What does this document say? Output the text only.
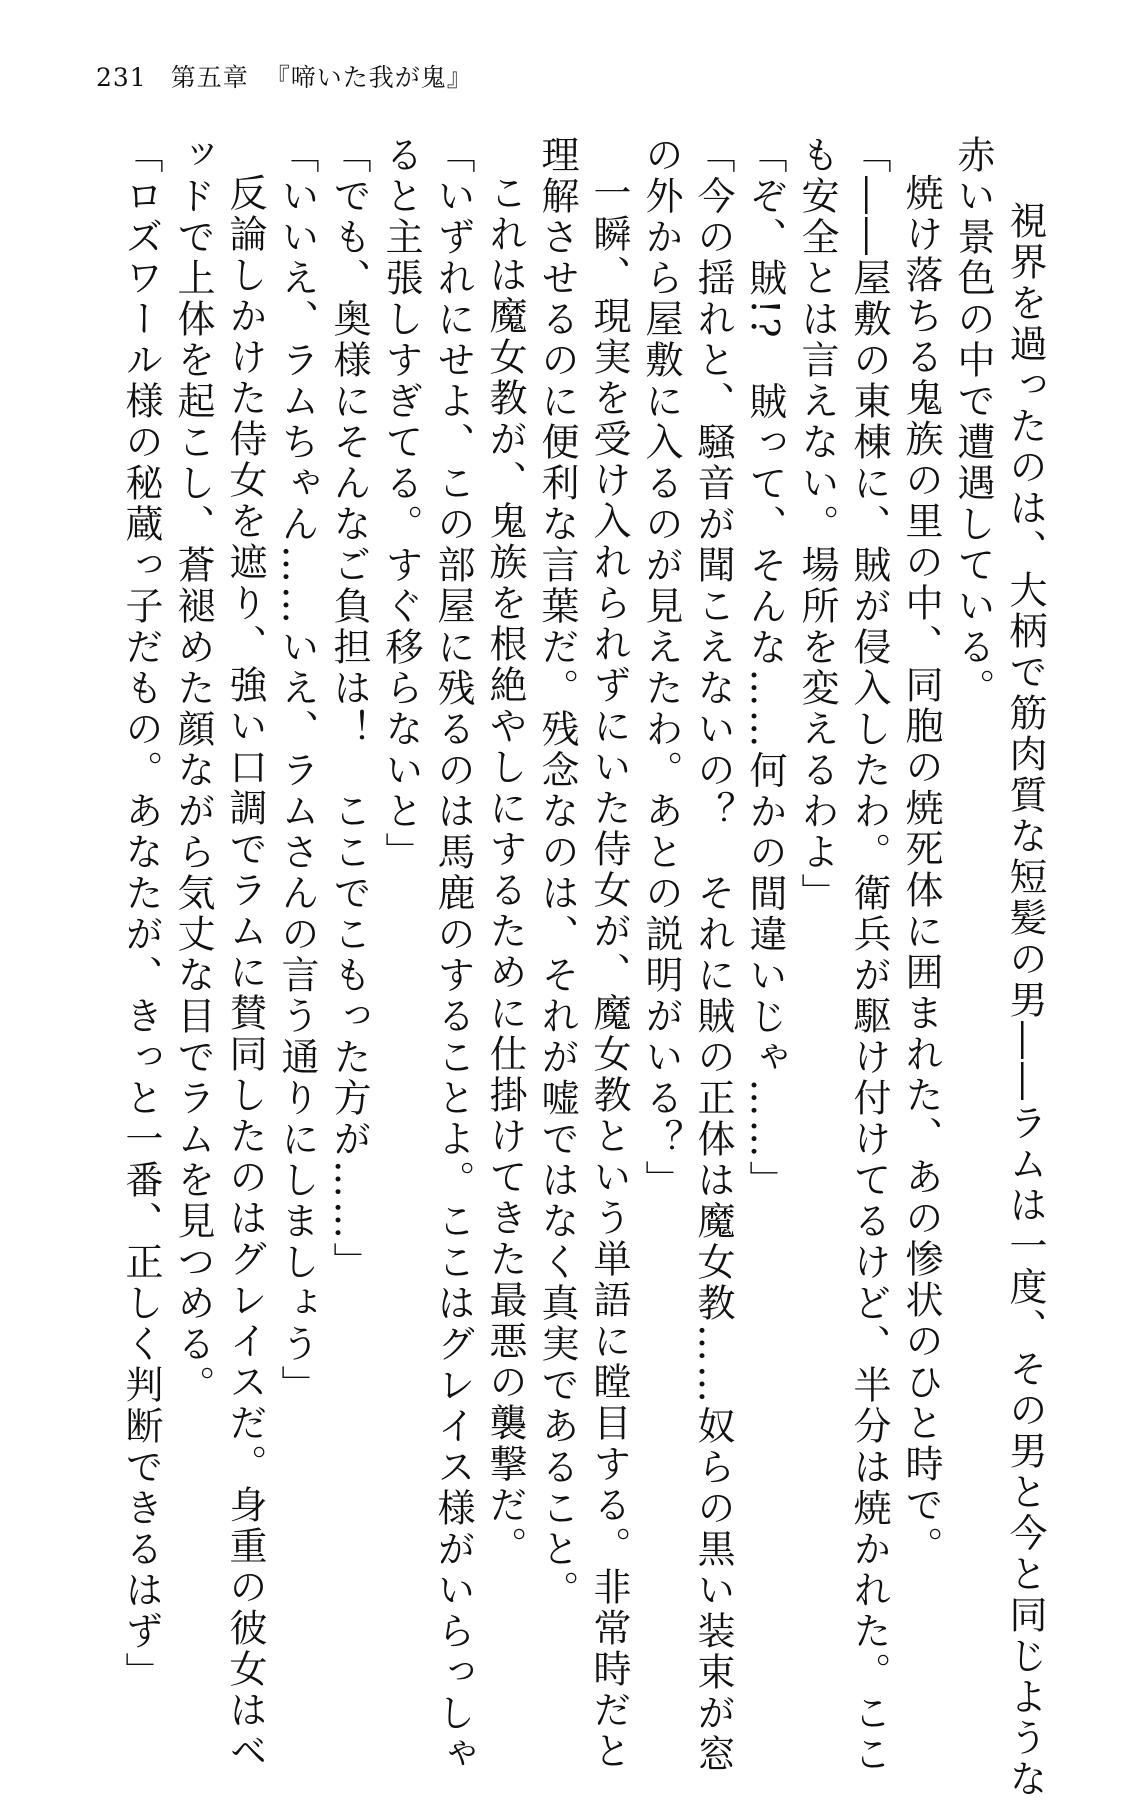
231 第五章 『啼いた我が鬼』

視界を過ったのは、大柄で筋肉質な短髪の男――ラムは一度、その男と今と同じような

赤い景色の中で遭遇している。

焼け落ちる鬼族の里の中、同胞の焼死体に囲まれた、あの惨状のひと時で。

「――屋敷の東棟に、賊が侵入したわ。衛兵が駆け付けてるけど、半分は焼かれた。ここ

も安全とは言えない。場所を変えるわよ」

「ぞ、賊!?　賊って、そんな……何かの間違いじゃ……」

「今の揺れと、騒音が聞こえないの？　それに賊の正体は魔女教……奴らの黒い装束が窓

の外から屋敷に入るのが見えたわ。あとの説明がいる？」

一瞬、現実を受け入れられずにいた侍女が、魔女教という単語に瞠目する。非常時だと

理解させるのに便利な言葉だ。残念なのは、それが嘘ではなく真実であること。

これは魔女教が、鬼族を根絶やしにするために仕掛けてきた最悪の襲撃だ。

「いずれにせよ、この部屋に残るのは馬鹿のすることよ。ここはグレイス様がいらっしゃ

ると主張しすぎてる。すぐ移らないと」

「でも、奥様にそんなご負担は！　ここでこもった方が……」

「いいえ、ラムちゃん……いえ、ラムさんの言う通りにしましょう」

反論しかけた侍女を遮り、強い口調でラムに賛同したのはグレイスだ。身重の彼女はベ

ッドで上体を起こし、蒼褪めた顔ながら気丈な目でラムを見つめる。

「ロズワール様の秘蔵っ子だもの。あなたが、きっと一番、正しく判断できるはず」
